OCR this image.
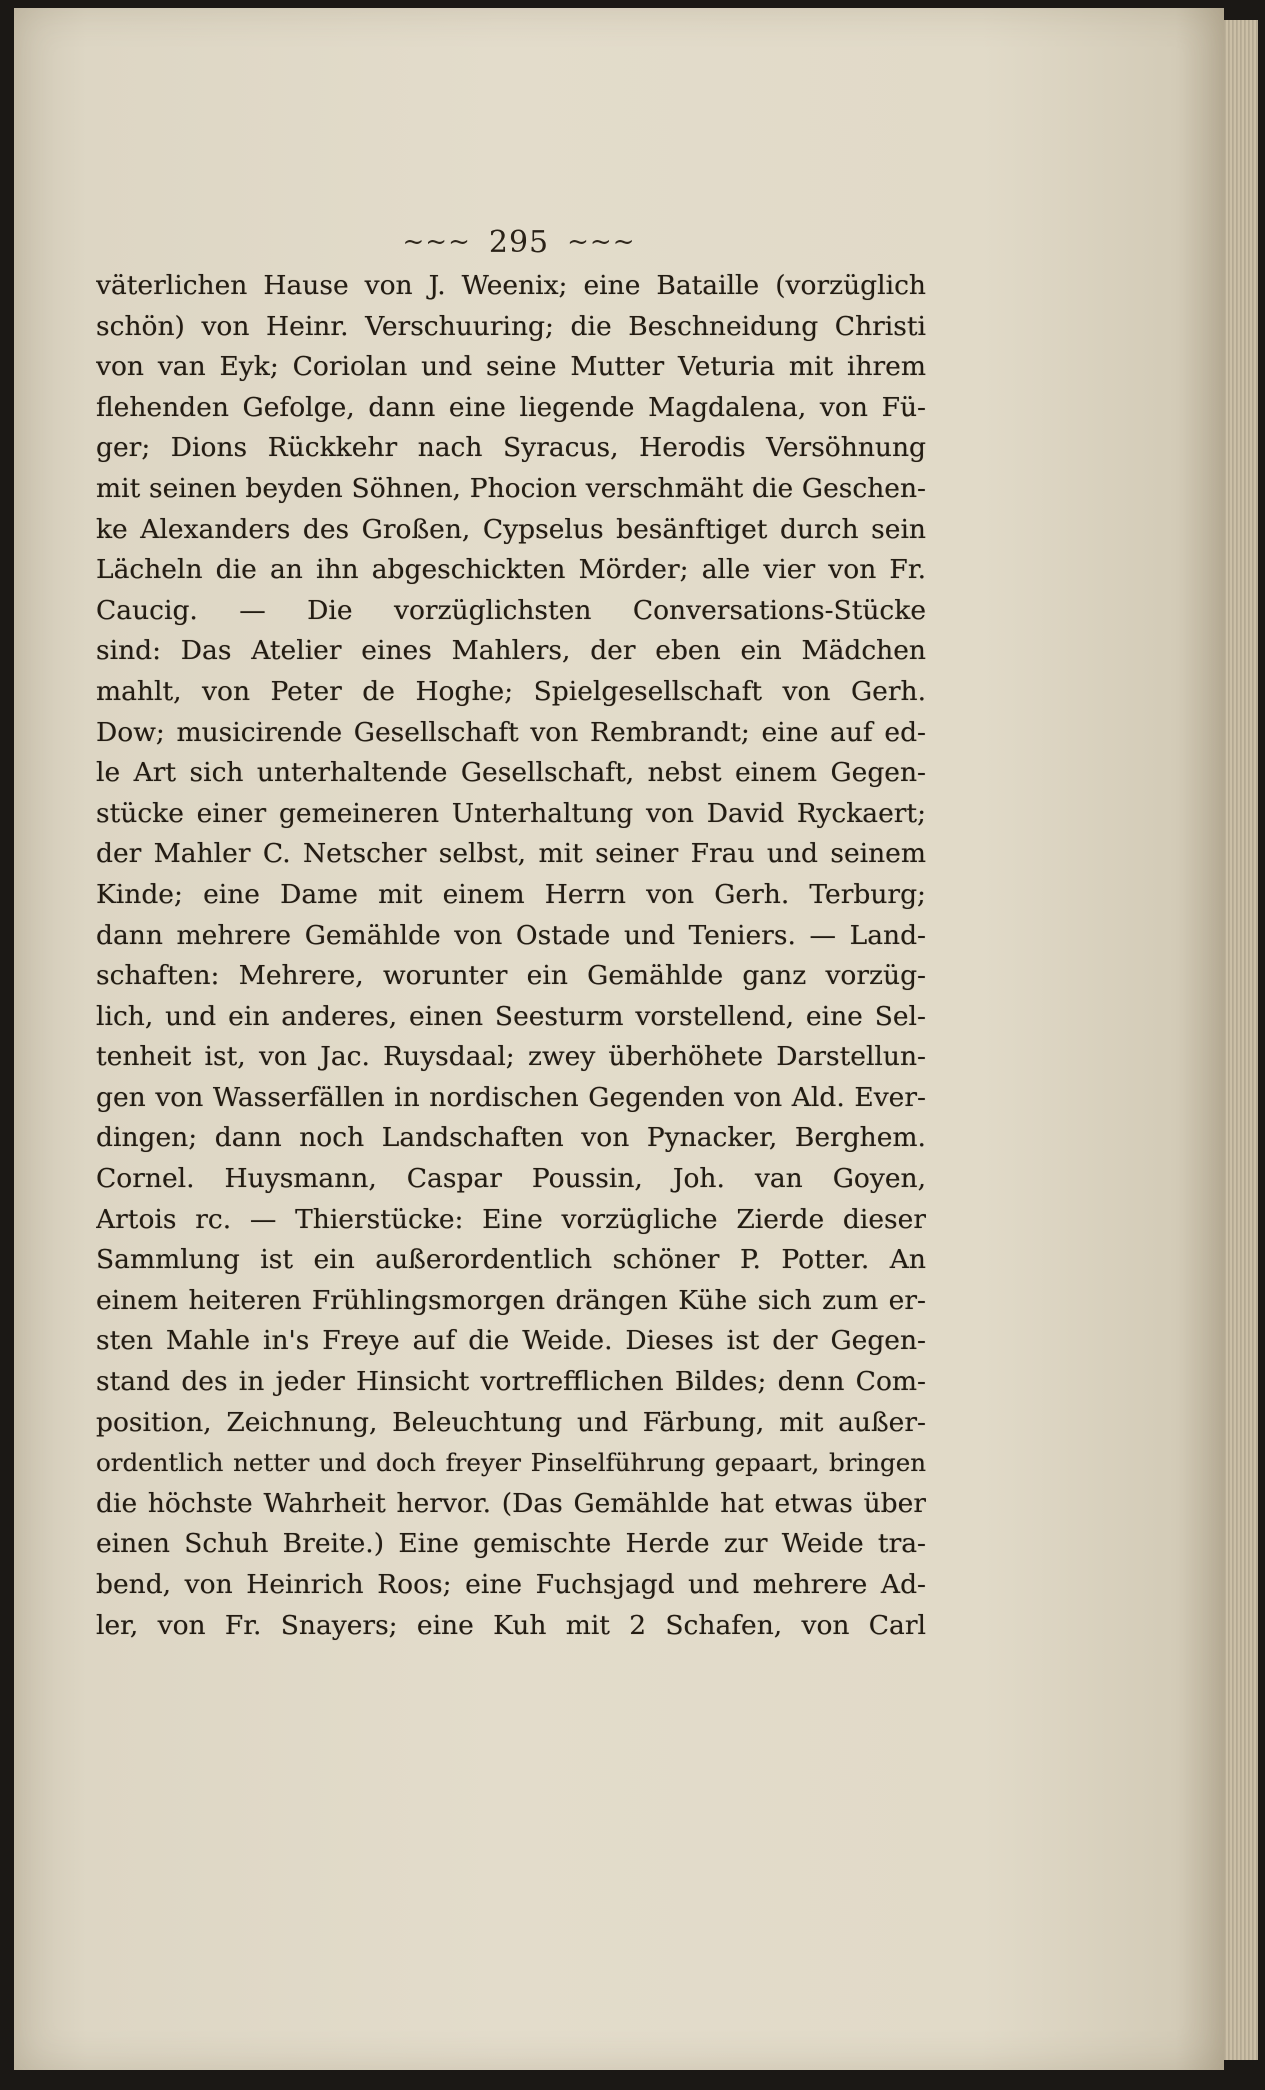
~~~ 295 ~~~
väterlichen Hause von J. Weenix; eine Bataille (vorzüglich
schön) von Heinr. Verschuuring; die Beschneidung Christi
von van Eyk; Coriolan und seine Mutter Veturia mit ihrem
flehenden Gefolge, dann eine liegende Magdalena, von Fü-
ger; Dions Rückkehr nach Syracus, Herodis Versöhnung
mit seinen beyden Söhnen, Phocion verschmäht die Geschen-
ke Alexanders des Großen, Cypselus besänftiget durch sein
Lächeln die an ihn abgeschickten Mörder; alle vier von Fr.
Caucig. — Die vorzüglichsten Conversations-Stücke
sind: Das Atelier eines Mahlers, der eben ein Mädchen
mahlt, von Peter de Hoghe; Spielgesellschaft von Gerh.
Dow; musicirende Gesellschaft von Rembrandt; eine auf ed-
le Art sich unterhaltende Gesellschaft, nebst einem Gegen-
stücke einer gemeineren Unterhaltung von David Ryckaert;
der Mahler C. Netscher selbst, mit seiner Frau und seinem
Kinde; eine Dame mit einem Herrn von Gerh. Terburg;
dann mehrere Gemählde von Ostade und Teniers. — Land-
schaften: Mehrere, worunter ein Gemählde ganz vorzüg-
lich, und ein anderes, einen Seesturm vorstellend, eine Sel-
tenheit ist, von Jac. Ruysdaal; zwey überhöhete Darstellun-
gen von Wasserfällen in nordischen Gegenden von Ald. Ever-
dingen; dann noch Landschaften von Pynacker, Berghem.
Cornel. Huysmann, Caspar Poussin, Joh. van Goyen,
Artois rc. — Thierstücke: Eine vorzügliche Zierde dieser
Sammlung ist ein außerordentlich schöner P. Potter. An
einem heiteren Frühlingsmorgen drängen Kühe sich zum er-
sten Mahle in's Freye auf die Weide. Dieses ist der Gegen-
stand des in jeder Hinsicht vortrefflichen Bildes; denn Com-
position, Zeichnung, Beleuchtung und Färbung, mit außer-
ordentlich netter und doch freyer Pinselführung gepaart, bringen
die höchste Wahrheit hervor. (Das Gemählde hat etwas über
einen Schuh Breite.) Eine gemischte Herde zur Weide tra-
bend, von Heinrich Roos; eine Fuchsjagd und mehrere Ad-
ler, von Fr. Snayers; eine Kuh mit 2 Schafen, von Carl
